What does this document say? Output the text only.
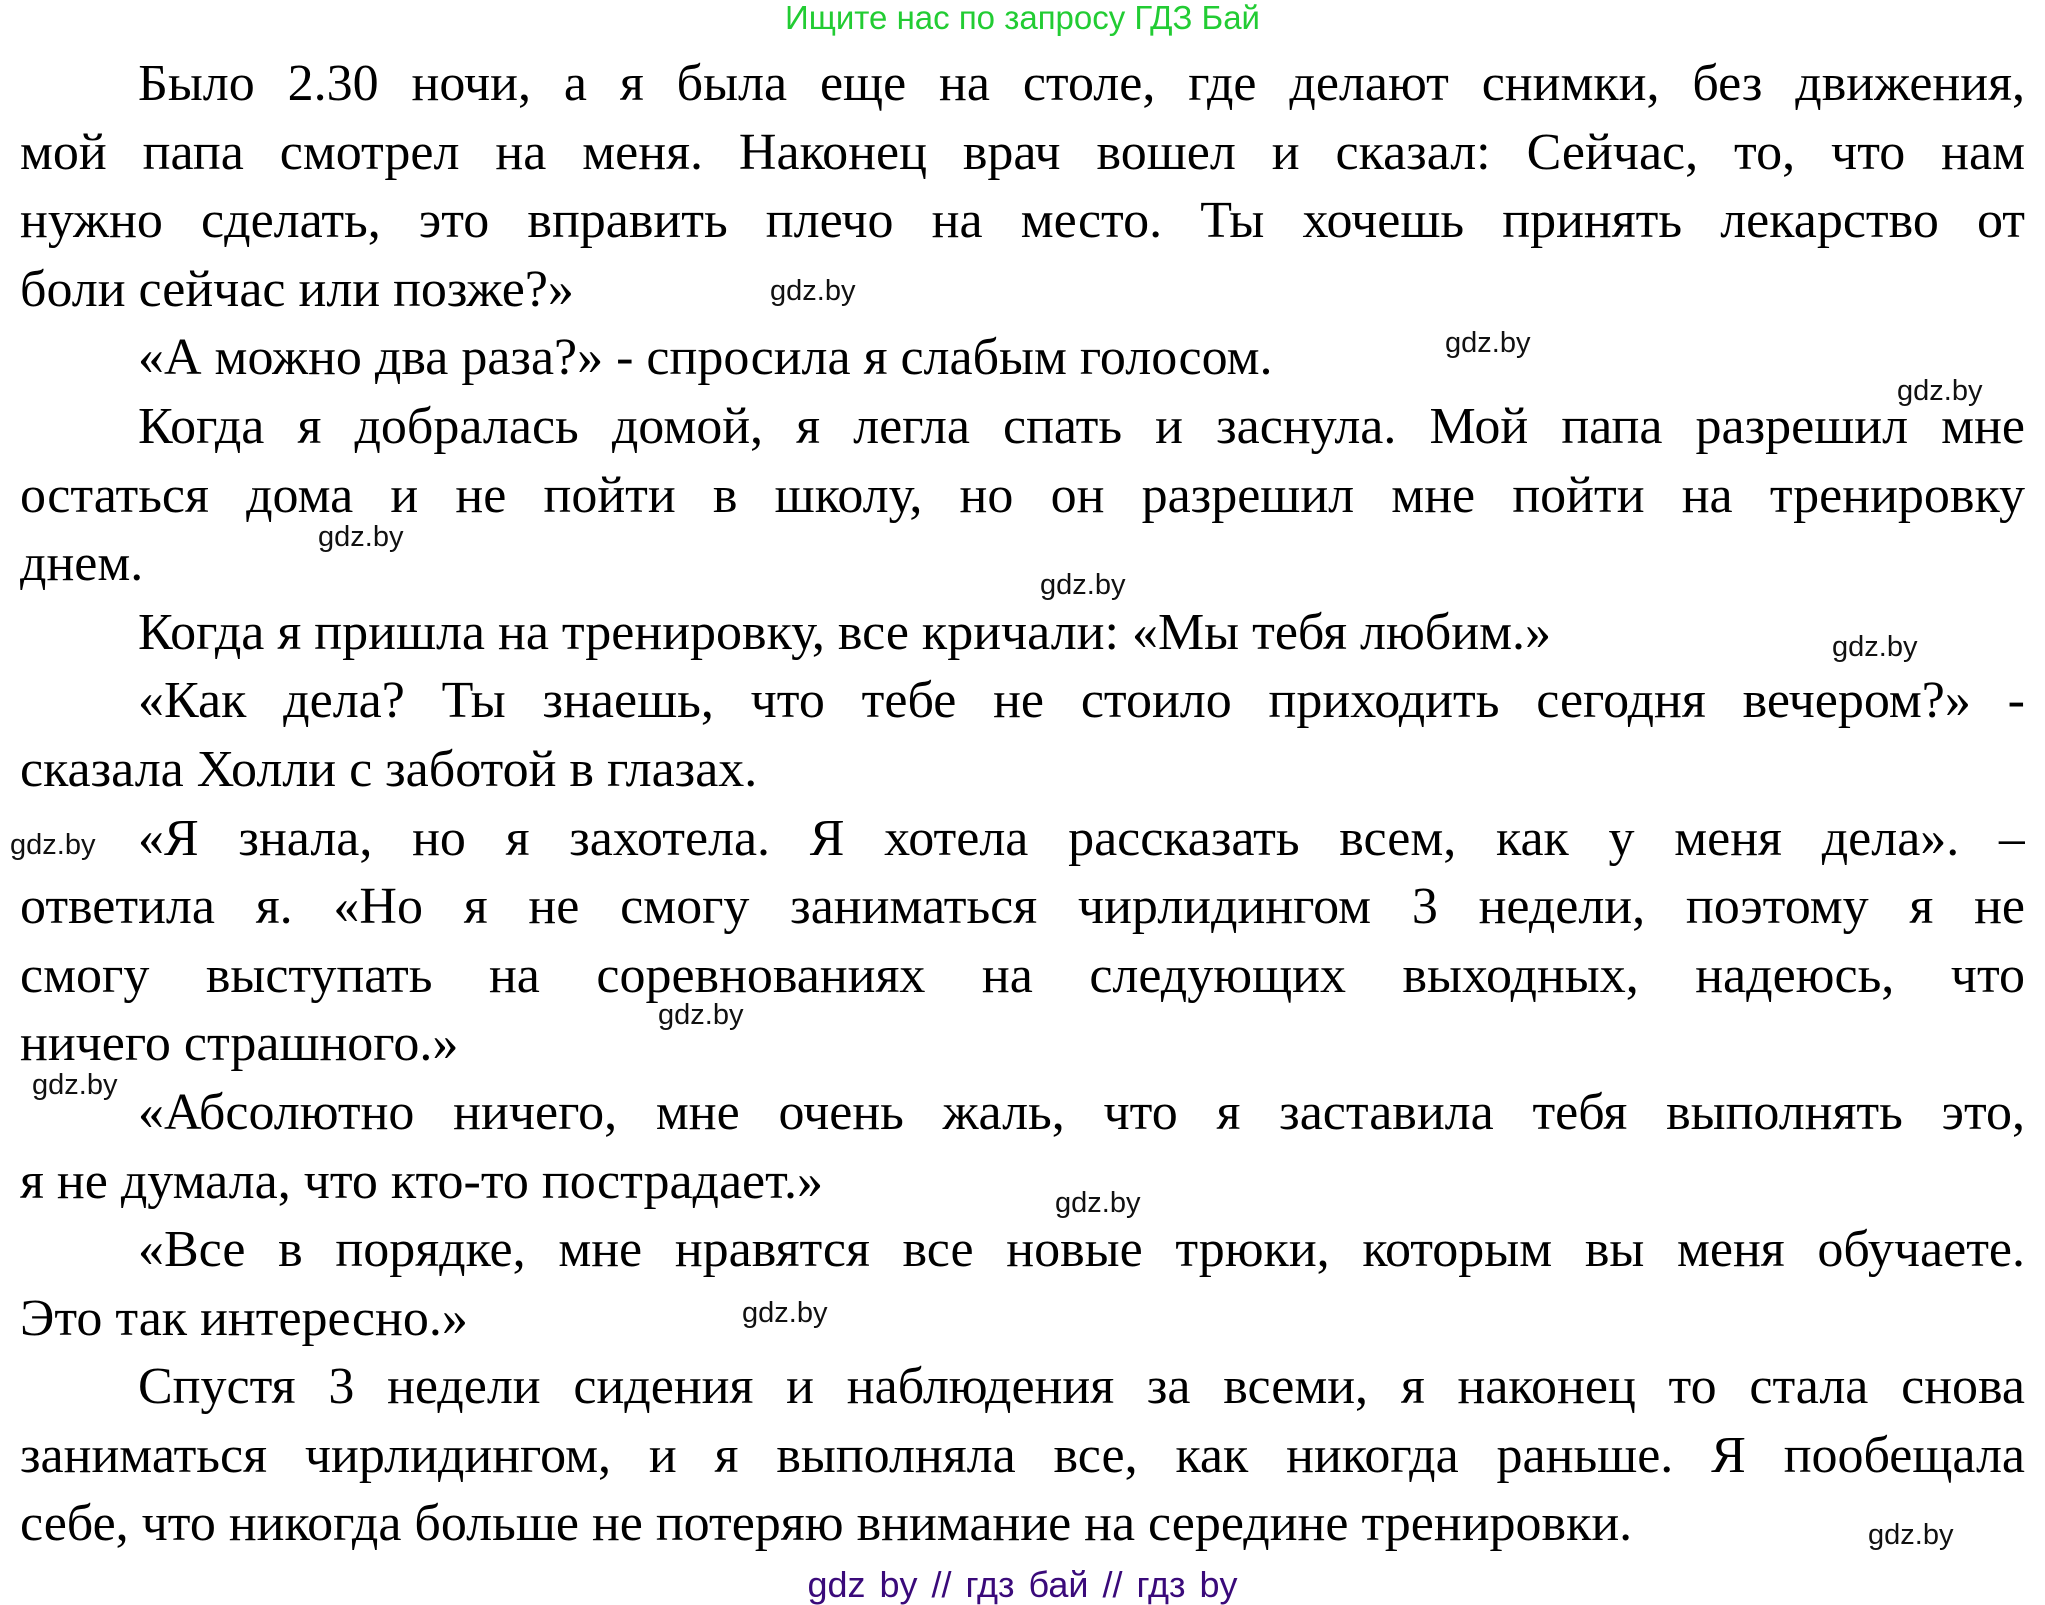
Ищите нас по запросу ГДЗ Бай
Было 2.30 ночи, а я была еще на столе, где делают снимки, без движения,
мой папа смотрел на меня. Наконец врач вошел и сказал: Сейчас, то, что нам
нужно сделать, это вправить плечо на место. Ты хочешь принять лекарство от
боли сейчас или позже?»
«А можно два раза?» - спросила я слабым голосом.
Когда я добралась домой, я легла спать и заснула. Мой папа разрешил мне
остаться дома и не пойти в школу, но он разрешил мне пойти на тренировку
днем.
Когда я пришла на тренировку, все кричали: «Мы тебя любим.»
«Как дела? Ты знаешь, что тебе не стоило приходить сегодня вечером?» -
сказала Холли с заботой в глазах.
«Я знала, но я захотела. Я хотела рассказать всем, как у меня дела». –
ответила я. «Но я не смогу заниматься чирлидингом 3 недели, поэтому я не
смогу выступать на соревнованиях на следующих выходных, надеюсь, что
ничего страшного.»
«Абсолютно ничего, мне очень жаль, что я заставила тебя выполнять это,
я не думала, что кто-то пострадает.»
«Все в порядке, мне нравятся все новые трюки, которым вы меня обучаете.
Это так интересно.»
Спустя 3 недели сидения и наблюдения за всеми, я наконец то стала снова
заниматься чирлидингом, и я выполняла все, как никогда раньше. Я пообещала
себе, что никогда больше не потеряю внимание на середине тренировки.
gdz.by
gdz.by
gdz.by
gdz.by
gdz.by
gdz.by
gdz.by
gdz.by
gdz.by
gdz.by
gdz.by
gdz.by
gdz by // гдз бай // гдз by
